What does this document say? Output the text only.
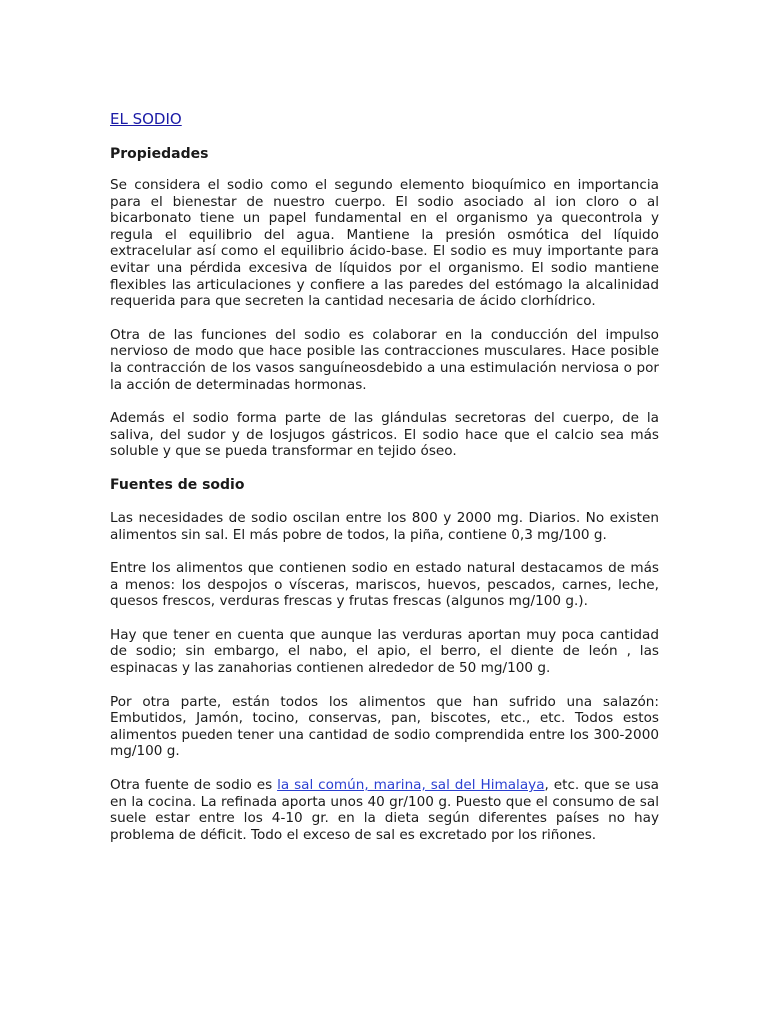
EL SODIO
Propiedades

Se considera el sodio como el segundo elemento bioquímico en importancia para el bienestar de nuestro cuerpo. El sodio asociado al ion cloro o al bicarbonato tiene un papel fundamental en el organismo ya quecontrola y regula el equilibrio del agua. Mantiene la presión osmótica del líquido extracelular así como el equilibrio ácido-base. El sodio es muy importante para evitar una pérdida excesiva de líquidos por el organismo. El sodio mantiene flexibles las articulaciones y confiere a las paredes del estómago la alcalinidad requerida para que secreten la cantidad necesaria de ácido clorhídrico.

Otra de las funciones del sodio es colaborar en la conducción del impulso nervioso de modo que hace posible las contracciones musculares. Hace posible la contracción de los vasos sanguíneosdebido a una estimulación nerviosa o por la acción de determinadas hormonas.

Además el sodio forma parte de las glándulas secretoras del cuerpo, de la saliva, del sudor y de losjugos gástricos. El sodio hace que el calcio sea más soluble y que se pueda transformar en tejido óseo.

Fuentes de sodio

Las necesidades de sodio oscilan entre los 800 y 2000 mg. Diarios. No existen alimentos sin sal. El más pobre de todos, la piña, contiene 0,3 mg/100 g.

Entre los alimentos que contienen sodio en estado natural destacamos de más a menos: los despojos o vísceras, mariscos, huevos, pescados, carnes, leche, quesos frescos, verduras frescas y frutas frescas (algunos mg/100 g.).

Hay que tener en cuenta que aunque las verduras aportan muy poca cantidad de sodio; sin embargo, el nabo, el apio, el berro, el diente de león , las espinacas y las zanahorias contienen alrededor de 50 mg/100 g.

Por otra parte, están todos los alimentos que han sufrido una salazón: Embutidos, Jamón, tocino, conservas, pan, biscotes, etc., etc. Todos estos alimentos pueden tener una cantidad de sodio comprendida entre los 300-2000 mg/100 g.

Otra fuente de sodio es la sal común, marina, sal del Himalaya, etc. que se usa en la cocina. La refinada aporta unos 40 gr/100 g. Puesto que el consumo de sal suele estar entre los 4-10 gr. en la dieta según diferentes países no hay problema de déficit. Todo el exceso de sal es excretado por los riñones.
